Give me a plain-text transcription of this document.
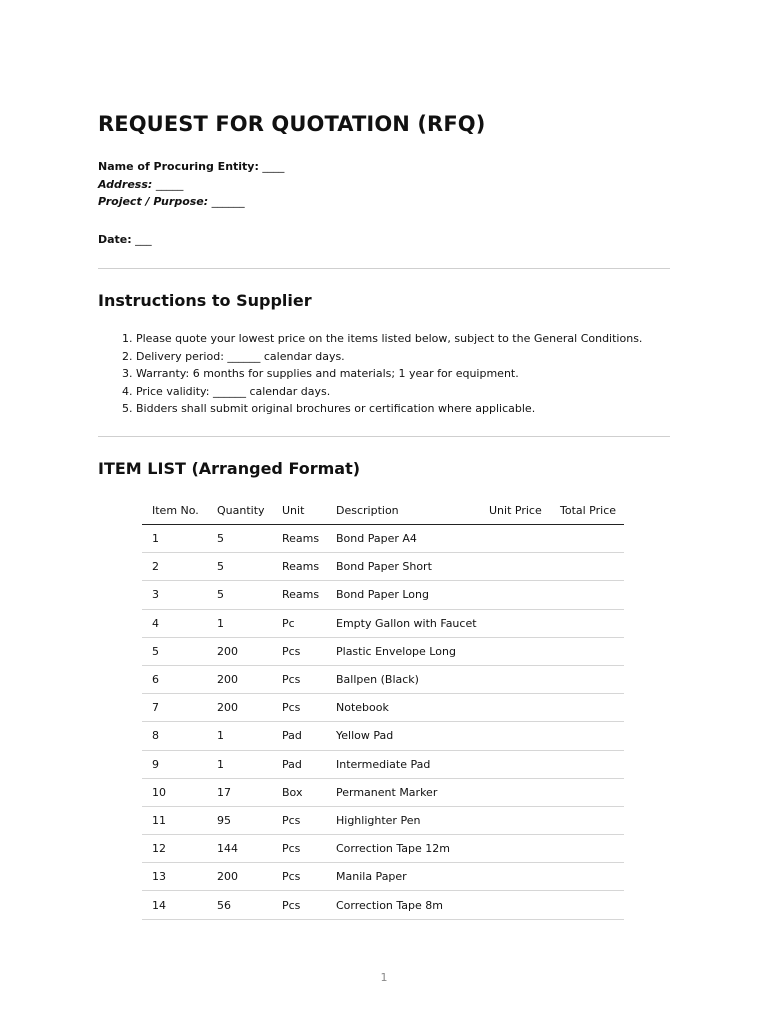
REQUEST FOR QUOTATION (RFQ)
Name of Procuring Entity: ____
Address: _____
Project / Purpose: ______
Date: ___
Instructions to Supplier
1. Please quote your lowest price on the items listed below, subject to the General Conditions.
2. Delivery period: ______ calendar days.
3. Warranty: 6 months for supplies and materials; 1 year for equipment.
4. Price validity: ______ calendar days.
5. Bidders shall submit original brochures or certification where applicable.
ITEM LIST (Arranged Format)
Item No.	Quantity	Unit	Description	Unit Price	Total Price
1	5	Reams	Bond Paper A4		
2	5	Reams	Bond Paper Short		
3	5	Reams	Bond Paper Long		
4	1	Pc	Empty Gallon with Faucet		
5	200	Pcs	Plastic Envelope Long		
6	200	Pcs	Ballpen (Black)		
7	200	Pcs	Notebook		
8	1	Pad	Yellow Pad		
9	1	Pad	Intermediate Pad		
10	17	Box	Permanent Marker		
11	95	Pcs	Highlighter Pen		
12	144	Pcs	Correction Tape 12m		
13	200	Pcs	Manila Paper		
14	56	Pcs	Correction Tape 8m		
1
